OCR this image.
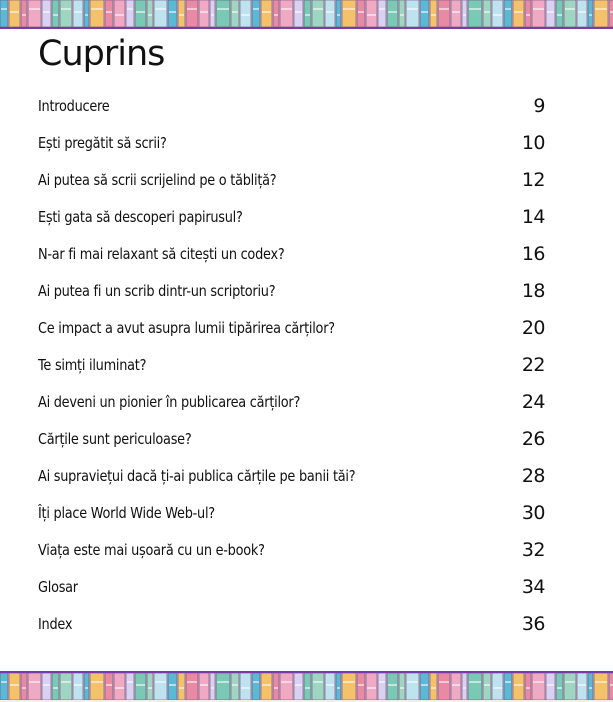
Cuprins
Introducere	9
Ești pregătit să scrii?	10
Ai putea să scrii scrijelind pe o tăbliță?	12
Ești gata să descoperi papirusul?	14
N-ar fi mai relaxant să citești un codex?	16
Ai putea fi un scrib dintr-un scriptoriu?	18
Ce impact a avut asupra lumii tipărirea cărților?	20
Te simți iluminat?	22
Ai deveni un pionier în publicarea cărților?	24
Cărțile sunt periculoase?	26
Ai supraviețui dacă ți-ai publica cărțile pe banii tăi?	28
Îți place World Wide Web-ul?	30
Viața este mai ușoară cu un e-book?	32
Glosar	34
Index	36
